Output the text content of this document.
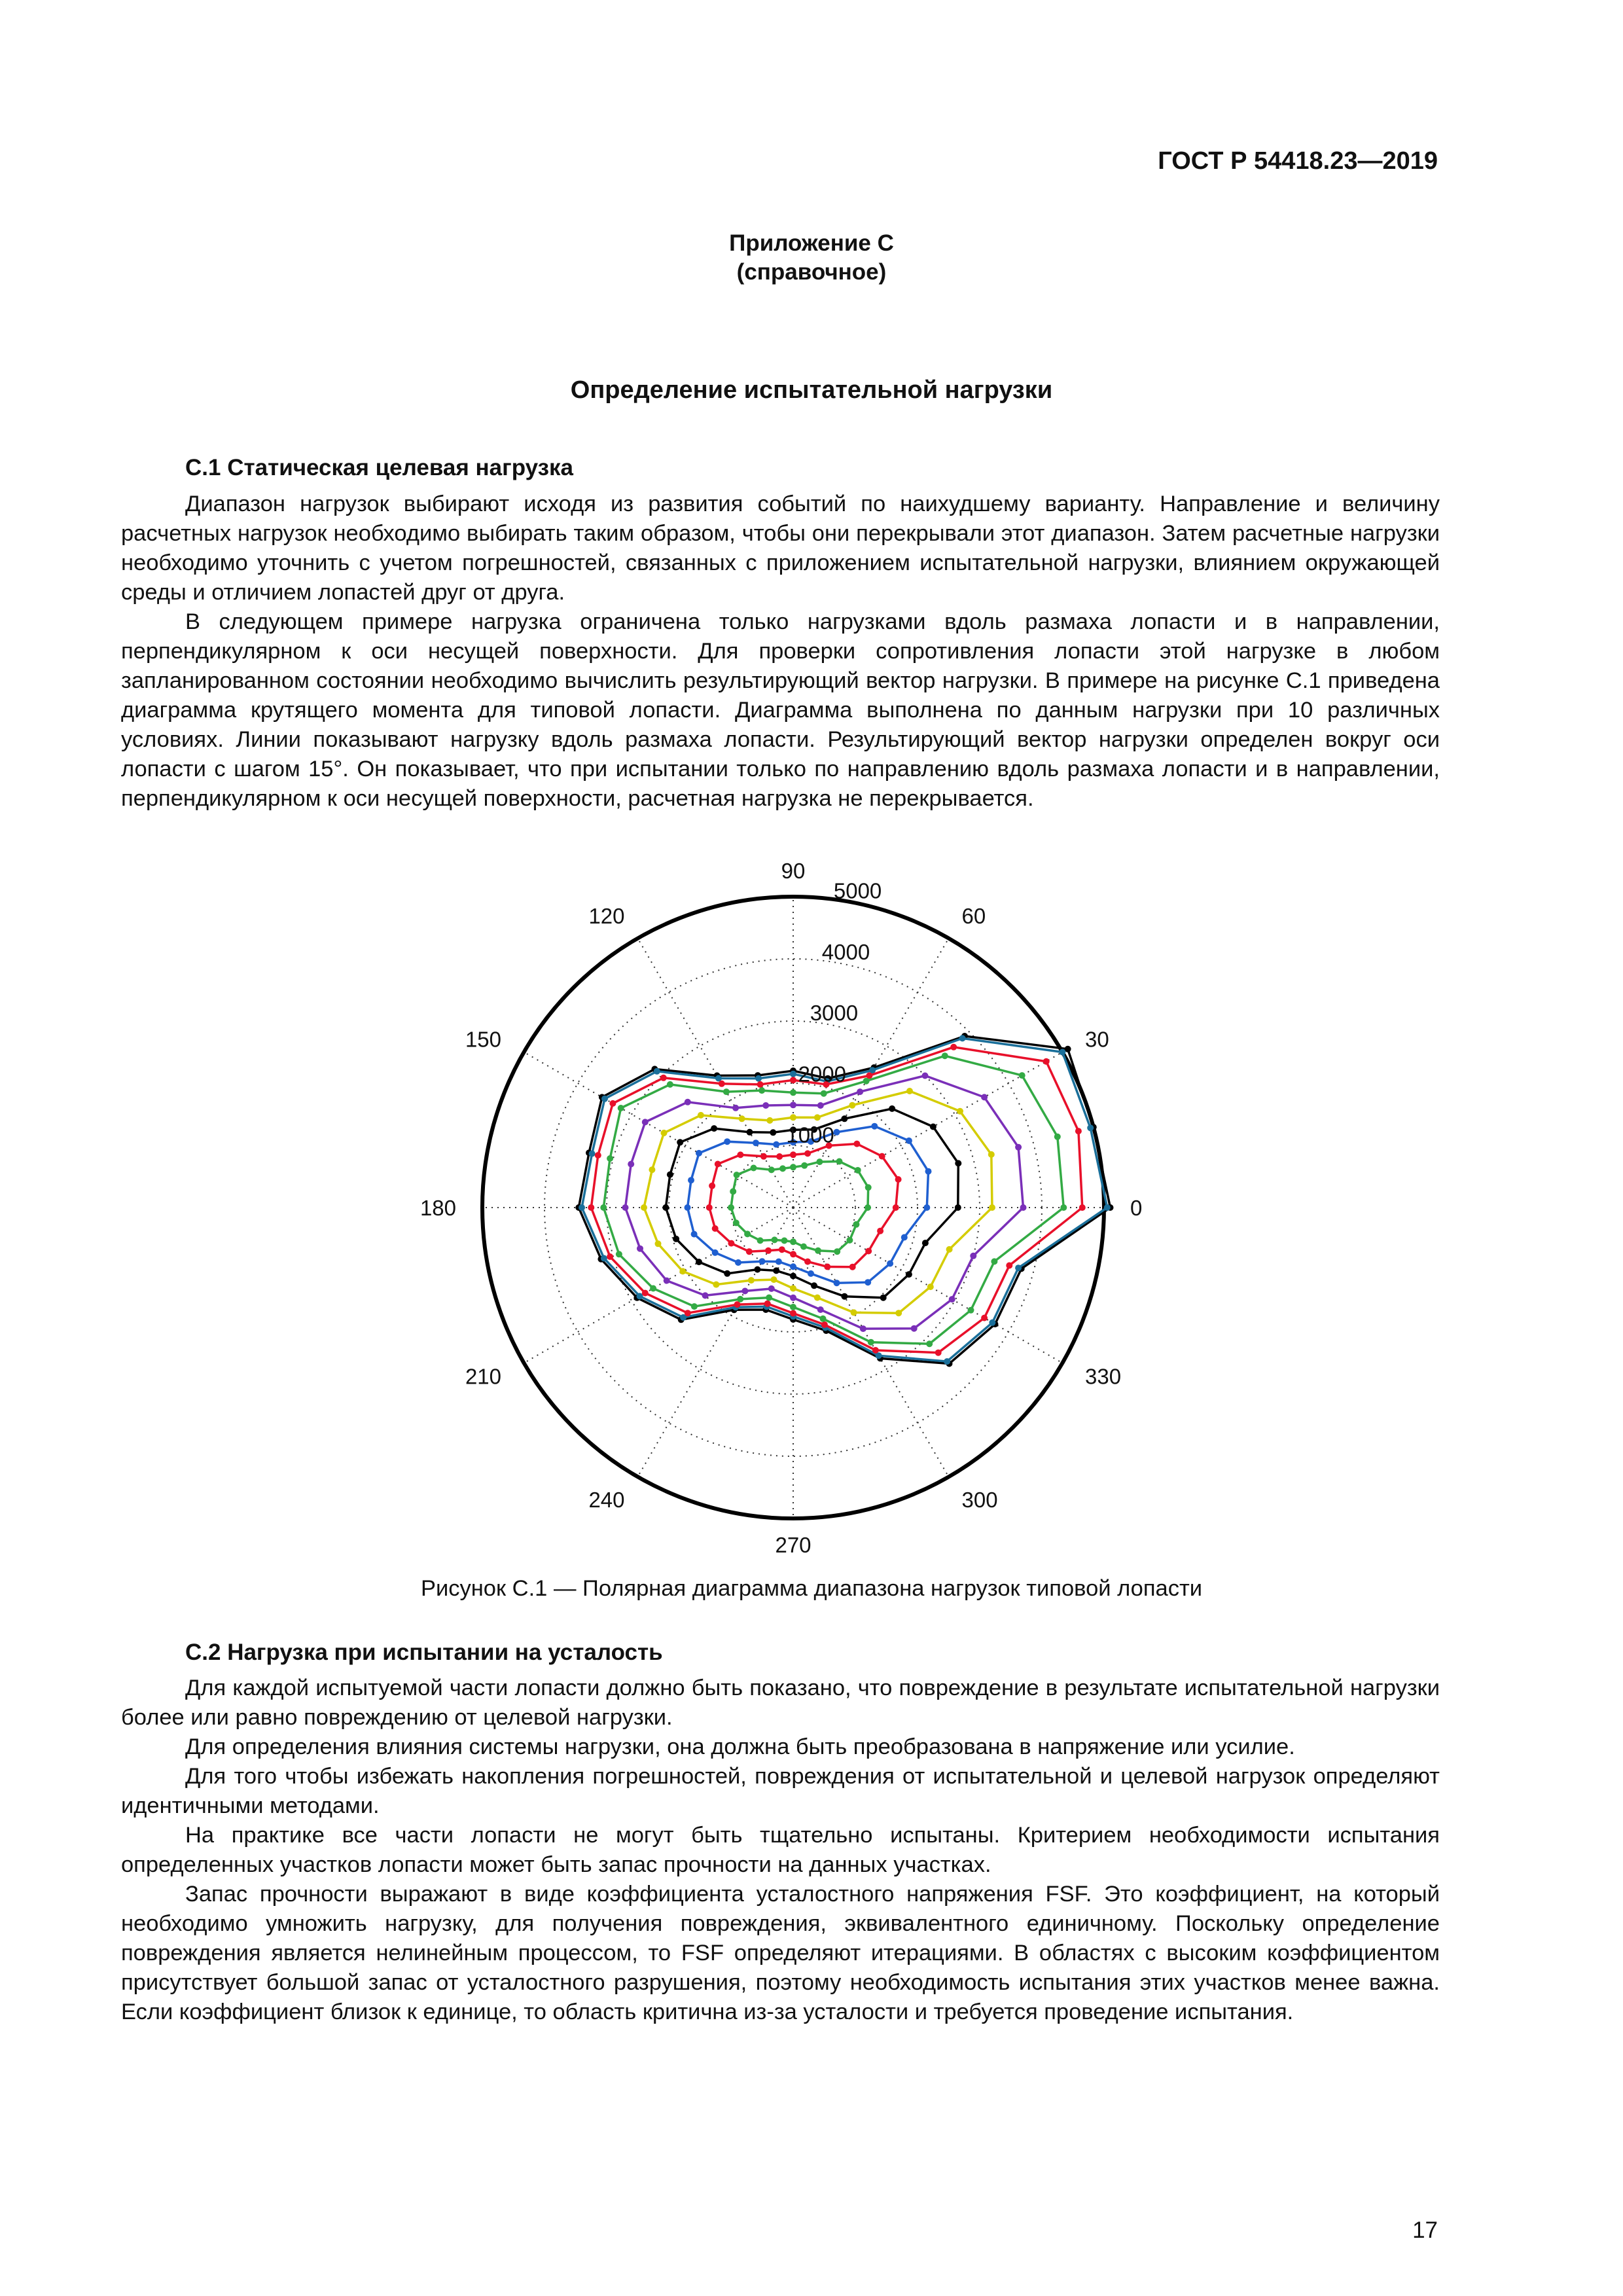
ГОСТ Р 54418.23—2019
Приложение С
(справочное)
Определение испытательной нагрузки
С.1 Статическая целевая нагрузка

Диапазон нагрузок выбирают исходя из развития событий по наихудшему варианту. Направление и величину расчетных нагрузок необходимо выбирать таким образом, чтобы они перекрывали этот диапазон. Затем расчетные нагрузки необходимо уточнить с учетом погрешностей, связанных с приложением испытательной нагрузки, влиянием окружающей среды и отличием лопастей друг от друга.

В следующем примере нагрузка ограничена только нагрузками вдоль размаха лопасти и в направлении, перпендикулярном к оси несущей поверхности. Для проверки сопротивления лопасти этой нагрузке в любом запланированном состоянии необходимо вычислить результирующий вектор нагрузки. В примере на рисунке С.1 приведена диаграмма крутящего момента для типовой лопасти. Диаграмма выполнена по данным нагрузки при 10 различных условиях. Линии показывают нагрузку вдоль размаха лопасти. Результирующий вектор нагрузки определен вокруг оси лопасти с шагом 15°. Он показывает, что при испытании только по направлению вдоль размаха лопасти и в направлении, перпендикулярном к оси несущей поверхности, расчетная нагрузка не перекрывается.

0
30
60
90
120
150
180
210
240
270
300
330
1000
2000
3000
4000
5000
Рисунок С.1 — Полярная диаграмма диапазона нагрузок типовой лопасти
С.2 Нагрузка при испытании на усталость

Для каждой испытуемой части лопасти должно быть показано, что повреждение в результате испытательной нагрузки более или равно повреждению от целевой нагрузки.

Для определения влияния системы нагрузки, она должна быть преобразована в напряжение или усилие.

Для того чтобы избежать накопления погрешностей, повреждения от испытательной и целевой нагрузок определяют идентичными методами.

На практике все части лопасти не могут быть тщательно испытаны. Критерием необходимости испытания определенных участков лопасти может быть запас прочности на данных участках.

Запас прочности выражают в виде коэффициента усталостного напряжения FSF. Это коэффициент, на который необходимо умножить нагрузку, для получения повреждения, эквивалентного единичному. Поскольку определение повреждения является нелинейным процессом, то FSF определяют итерациями. В областях с высоким коэффициентом присутствует большой запас от усталостного разрушения, поэтому необходимость испытания этих участков менее важна. Если коэффициент близок к единице, то область критична из-за усталости и требуется проведение испытания.

17
